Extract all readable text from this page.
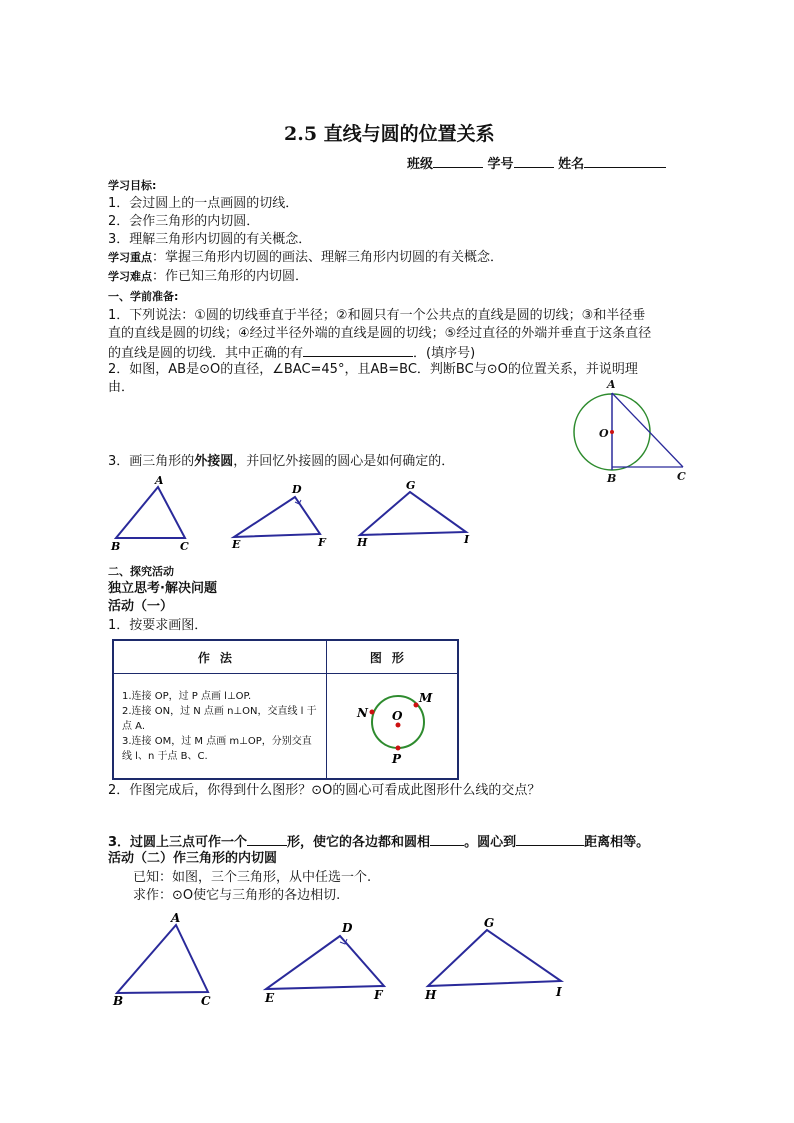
2.5 直线与圆的位置关系
班级	学号	姓名
学习目标:
1．会过圆上的一点画圆的切线．
2．会作三角形的内切圆．
3．理解三角形内切圆的有关概念．
学习重点：掌握三角形内切圆的画法、理解三角形内切圆的有关概念．
学习难点：作已知三角形的内切圆．
一、学前准备:
1．下列说法：①圆的切线垂直于半径；②和圆只有一个公共点的直线是圆的切线；③和半径垂
直的直线是圆的切线；④经过半径外端的直线是圆的切线；⑤经过直径的外端并垂直于这条直径
的直线是圆的切线．其中正确的有	．(填序号)
2．如图，AB是⊙O的直径，∠BAC=45°，且AB=BC．判断BC与⊙O的位置关系，并说明理
由．
3．画三角形的外接圆，并回忆外接圆的圆心是如何确定的．
二、探究活动
独立思考·解决问题
活动（一）
1．按要求画图．
作法	图形

1.连接 OP，过 P 点画 l⊥OP.
2.连接 ON，过 N 点画 n⊥ON，交直线 l 于点 A.
3.连接 OM，过 M 点画 m⊥OP，分别交直线 l、n 于点 B、C.	

2．作图完成后，你得到什么图形？⊙O的圆心可看成此图形什么线的交点？
3．过圆上三点可作一个	形，使它的各边都和圆相	。圆心到	距离相等。
活动（二）作三角形的内切圆
已知：如图，三个三角形，从中任选一个.
求作：⊙O使它与三角形的各边相切.
A
O
B	C
A
B	C
D
E	F
G
H	I
N
M
O
P
A
B	C
D
E	F
G
H	I
